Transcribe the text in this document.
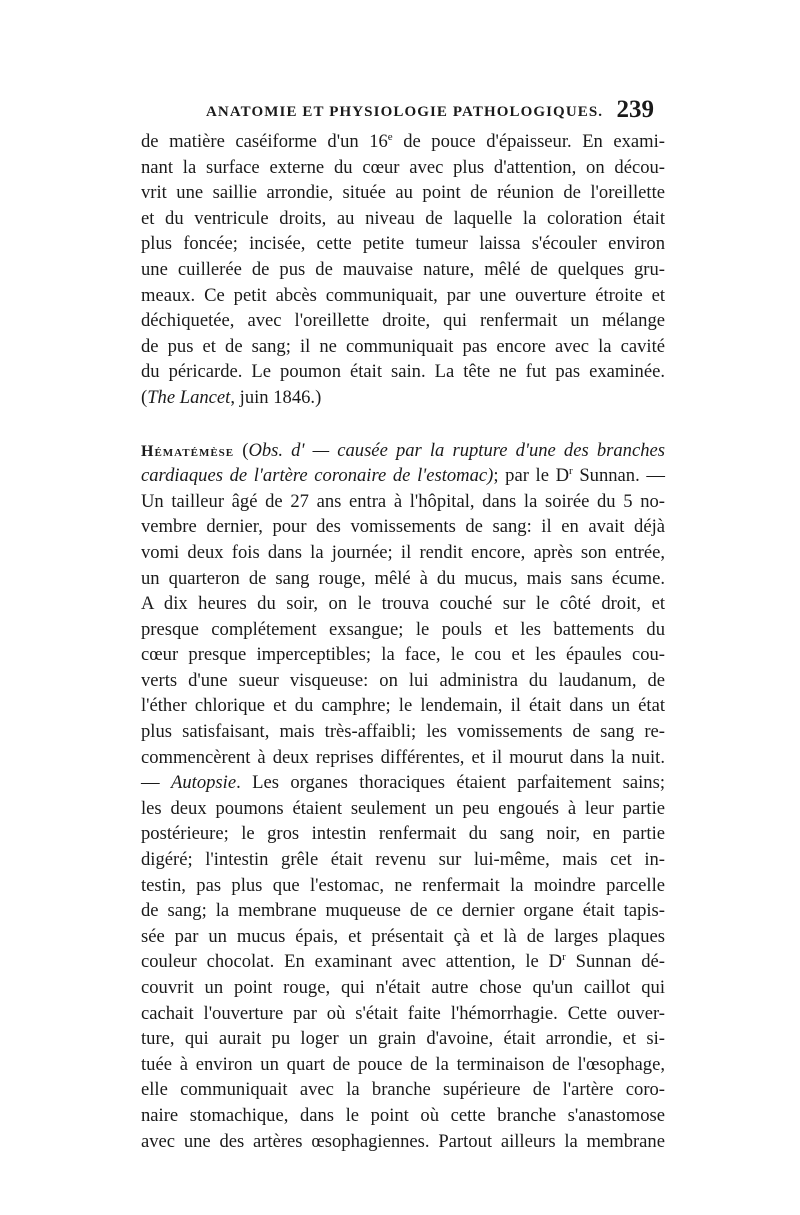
ANATOMIE ET PHYSIOLOGIE PATHOLOGIQUES. 239
de matière caséiforme d'un 16e de pouce d'épaisseur. En exami-
nant la surface externe du cœur avec plus d'attention, on décou-
vrit une saillie arrondie, située au point de réunion de l'oreillette
et du ventricule droits, au niveau de laquelle la coloration était
plus foncée; incisée, cette petite tumeur laissa s'écouler environ
une cuillerée de pus de mauvaise nature, mêlé de quelques gru-
meaux. Ce petit abcès communiquait, par une ouverture étroite et
déchiquetée, avec l'oreillette droite, qui renfermait un mélange
de pus et de sang; il ne communiquait pas encore avec la cavité
du péricarde. Le poumon était sain. La tête ne fut pas examinée.
(The Lancet, juin 1846.)
Hématémèse (Obs. d' — causée par la rupture d'une des branches
cardiaques de l'artère coronaire de l'estomac); par le $D^r$ Sunnan. —
Un tailleur âgé de 27 ans entra à l'hôpital, dans la soirée du 5 no-
vembre dernier, pour des vomissements de sang: il en avait déjà
vomi deux fois dans la journée; il rendit encore, après son entrée,
un quarteron de sang rouge, mêlé à du mucus, mais sans écume.
A dix heures du soir, on le trouva couché sur le côté droit, et
presque complétement exsangue; le pouls et les battements du
cœur presque imperceptibles; la face, le cou et les épaules cou-
verts d'une sueur visqueuse: on lui administra du laudanum, de
l'éther chlorique et du camphre; le lendemain, il était dans un état
plus satisfaisant, mais très-affaibli; les vomissements de sang re-
commencèrent à deux reprises différentes, et il mourut dans la nuit.
— Autopsie. Les organes thoraciques étaient parfaitement sains;
les deux poumons étaient seulement un peu engoués à leur partie
postérieure; le gros intestin renfermait du sang noir, en partie
digéré; l'intestin grêle était revenu sur lui-même, mais cet in-
testin, pas plus que l'estomac, ne renfermait la moindre parcelle
de sang; la membrane muqueuse de ce dernier organe était tapis-
sée par un mucus épais, et présentait çà et là de larges plaques
couleur chocolat. En examinant avec attention, le $D^r$ Sunnan dé-
couvrit un point rouge, qui n'était autre chose qu'un caillot qui
cachait l'ouverture par où s'était faite l'hémorrhagie. Cette ouver-
ture, qui aurait pu loger un grain d'avoine, était arrondie, et si-
tuée à environ un quart de pouce de la terminaison de l'œsophage,
elle communiquait avec la branche supérieure de l'artère coro-
naire stomachique, dans le point où cette branche s'anastomose
avec une des artères œsophagiennes. Partout ailleurs la membrane
